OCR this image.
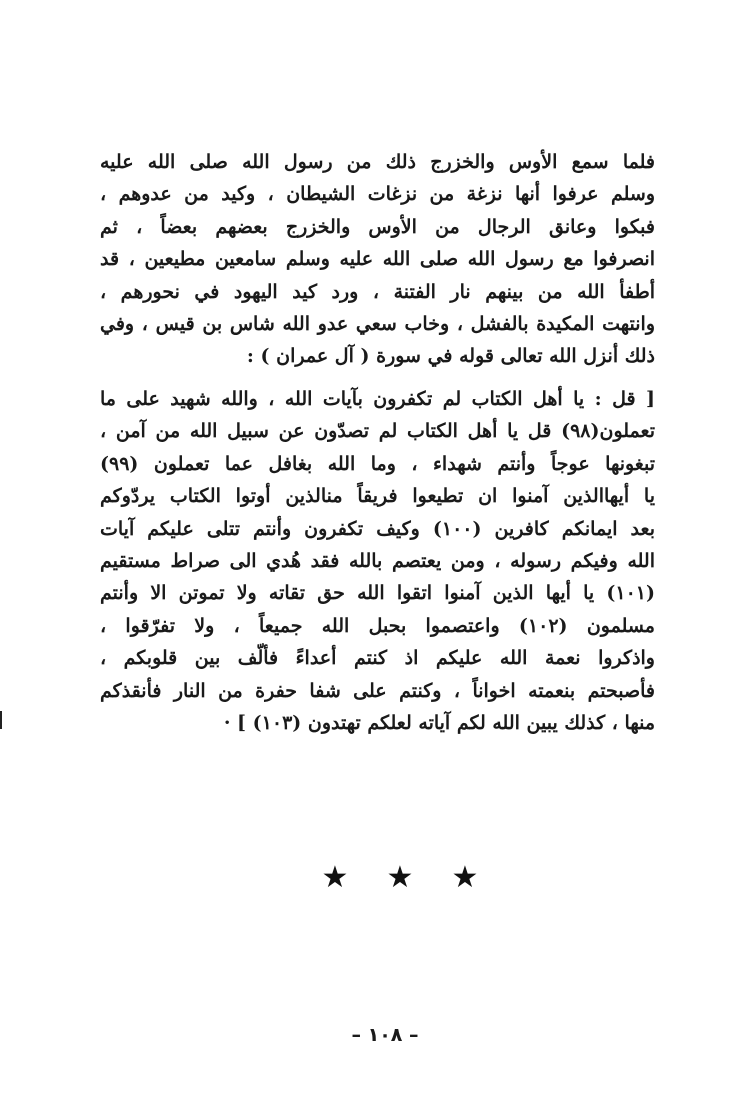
فلما سمع الأوس والخزرج ذلك من رسول الله صلى الله عليه
وسلم عرفوا أنها نزغة من نزغات الشيطان ، وكيد من عدوهم ،
فبكوا وعانق الرجال من الأوس والخزرج بعضهم بعضاً ، ثم
انصرفوا مع رسول الله صلى الله عليه وسلم سامعين مطيعين ، قد
أطفأ الله من بينهم نار الفتنة ، ورد كيد اليهود في نحورهم ،
وانتهت المكيدة بالفشل ، وخاب سعي عدو الله شاس بن قيس ، وفي
ذلك أنزل الله تعالى قوله في سورة ( آل عمران ) :
[ قل : يا أهل الكتاب لم تكفرون بآيات الله ، والله شهيد على ما
تعملون(٩٨) قل يا أهل الكتاب لم تصدّون عن سبيل الله من آمن ،
تبغونها عوجاً وأنتم شهداء ، وما الله بغافل عما تعملون (٩٩)
يا أيهاالذين آمنوا ان تطيعوا فريقاً منالذين أوتوا الكتاب يردّوكم
بعد ايمانكم كافرين (١٠٠) وكيف تكفرون وأنتم تتلى عليكم آيات
الله وفيكم رسوله ، ومن يعتصم بالله فقد هُدي الى صراط مستقيم
(١٠١) يا أيها الذين آمنوا اتقوا الله حق تقاته ولا تموتن الا وأنتم
مسلمون (١٠٢) واعتصموا بحبل الله جميعاً ، ولا تفرّقوا ،
واذكروا نعمة الله عليكم اذ كنتم أعداءً فألّف بين قلوبكم ،
فأصبحتم بنعمته اخواناً ، وكنتم على شفا حفرة من النار فأنقذكم
منها ، كذلك يبين الله لكم آياته لعلكم تهتدون (١٠٣) ] ·
★ ★ ★
– ١٠٨ –
